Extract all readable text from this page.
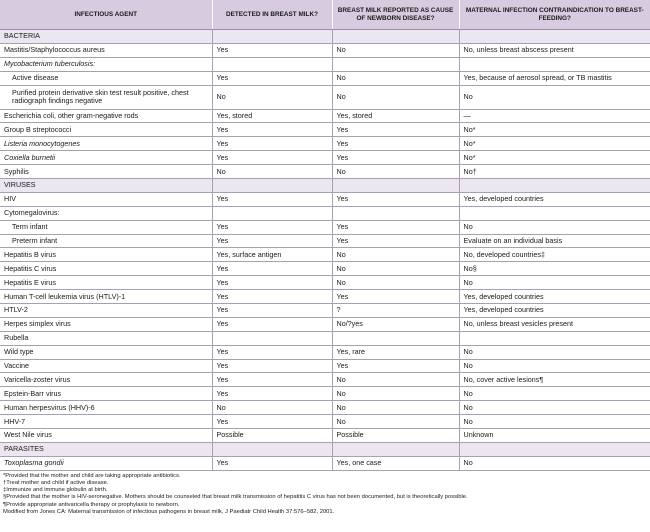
INFECTIOUS AGENT	DETECTED IN BREAST MILK?	BREAST MILK REPORTED AS CAUSE OF NEWBORN DISEASE?	MATERNAL INFECTION CONTRAINDICATION TO BREAST-FEEDING?
BACTERIA			
Mastitis/Staphylococcus aureus	Yes	No	No, unless breast abscess present
Mycobacterium tuberculosis:			
Active disease	Yes	No	Yes, because of aerosol spread, or TB mastitis
Purified protein derivative skin test result positive, chest radiograph findings negative	No	No	No
Escherichia coli, other gram-negative rods	Yes, stored	Yes, stored	—
Group B streptococci	Yes	Yes	No*
Listeria monocytogenes	Yes	Yes	No*
Coxiella burnetii	Yes	Yes	No*
Syphilis	No	No	No†
VIRUSES			
HIV	Yes	Yes	Yes, developed countries
Cytomegalovirus:			
Term infant	Yes	Yes	No
Preterm infant	Yes	Yes	Evaluate on an individual basis
Hepatitis B virus	Yes, surface antigen	No	No, developed countries‡
Hepatitis C virus	Yes	No	No§
Hepatitis E virus	Yes	No	No
Human T-cell leukemia virus (HTLV)-1	Yes	Yes	Yes, developed countries
HTLV-2	Yes	?	Yes, developed countries
Herpes simplex virus	Yes	No/?yes	No, unless breast vesicles present
Rubella			
Wild type	Yes	Yes, rare	No
Vaccine	Yes	Yes	No
Varicella-zoster virus	Yes	No	No, cover active lesions¶
Epstein-Barr virus	Yes	No	No
Human herpesvirus (HHV)-6	No	No	No
HHV-7	Yes	No	No
West Nile virus	Possible	Possible	Unknown
PARASITES			
Toxoplasma gondii	Yes	Yes, one case	No
*Provided that the mother and child are taking appropriate antibiotics.
†Treat mother and child if active disease.
‡Immunize and immune globulin at birth.
§Provided that the mother is HIV-seronegative. Mothers should be counseled that breast milk transmission of hepatitis C virus has not been documented, but is theoretically possible.
¶Provide appropriate antivaricella therapy or prophylaxis to newborn.
Modified from Jones CA: Maternal transmission of infectious pathogens in breast milk, J Paediatr Child Health 37:576–582, 2001.
